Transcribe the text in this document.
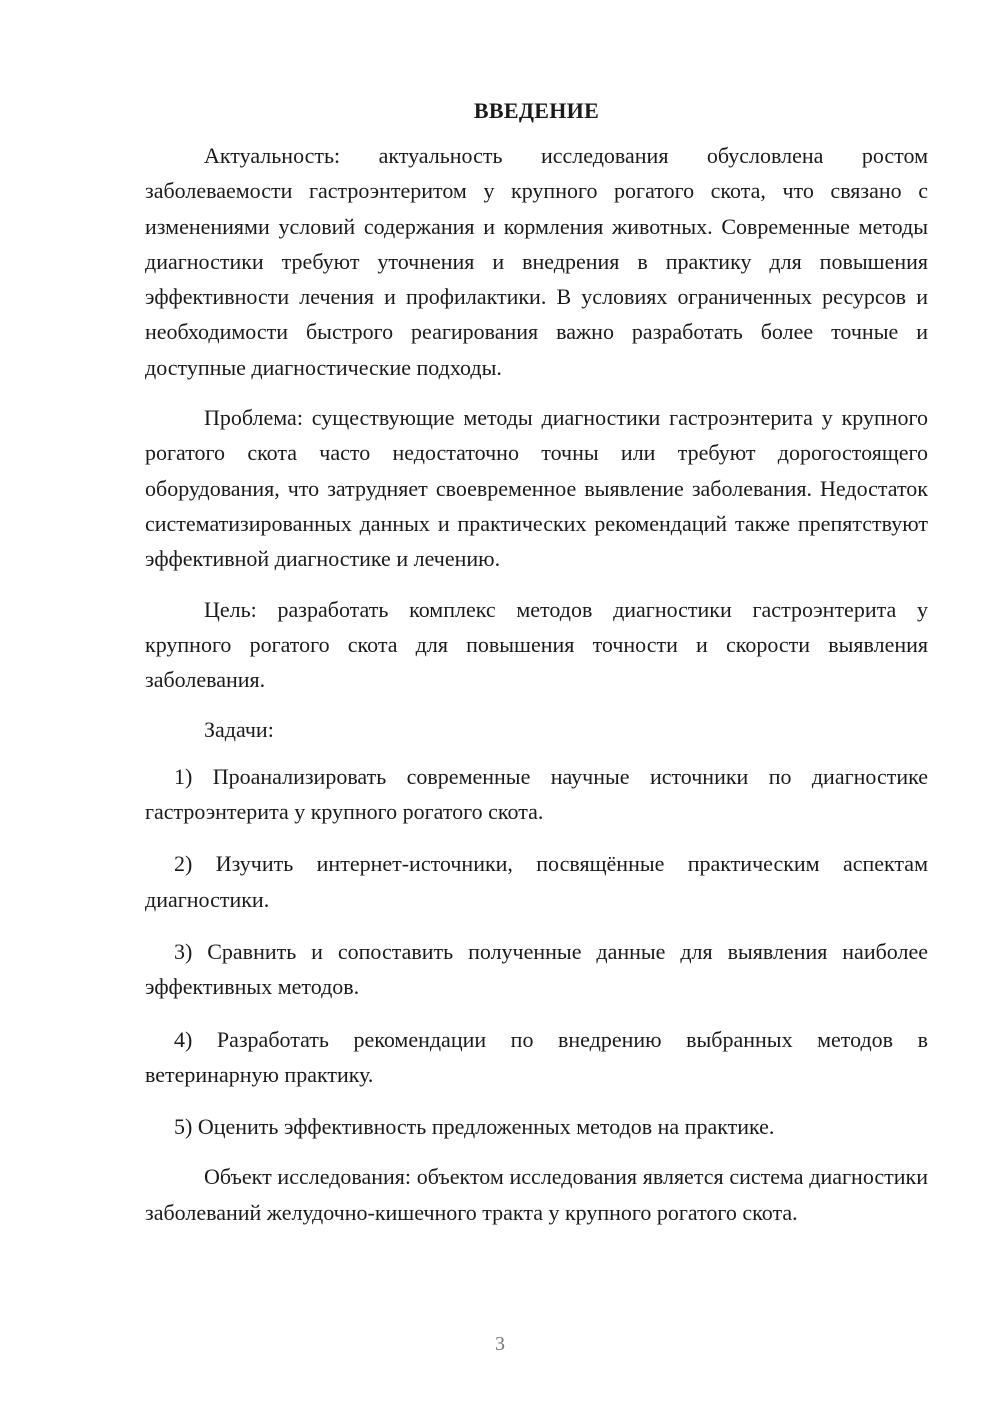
ВВЕДЕНИЕ

Актуальность: актуальность исследования обусловлена ростом заболеваемости гастроэнтеритом у крупного рогатого скота, что связано с изменениями условий содержания и кормления животных. Современные методы диагностики требуют уточнения и внедрения в практику для повышения эффективности лечения и профилактики. В условиях ограниченных ресурсов и необходимости быстрого реагирования важно разработать более точные и доступные диагностические подходы.

Проблема: существующие методы диагностики гастроэнтерита у крупного рогатого скота часто недостаточно точны или требуют дорогостоящего оборудования, что затрудняет своевременное выявление заболевания. Недостаток систематизированных данных и практических рекомендаций также препятствуют эффективной диагностике и лечению.

Цель: разработать комплекс методов диагностики гастроэнтерита у крупного рогатого скота для повышения точности и скорости выявления заболевания.

Задачи:

1) Проанализировать современные научные источники по диагностике гастроэнтерита у крупного рогатого скота.

2) Изучить интернет-источники, посвящённые практическим аспектам диагностики.

3) Сравнить и сопоставить полученные данные для выявления наиболее эффективных методов.

4) Разработать рекомендации по внедрению выбранных методов в ветеринарную практику.

5) Оценить эффективность предложенных методов на практике.

Объект исследования: объектом исследования является система диагностики заболеваний желудочно-кишечного тракта у крупного рогатого скота.

3
